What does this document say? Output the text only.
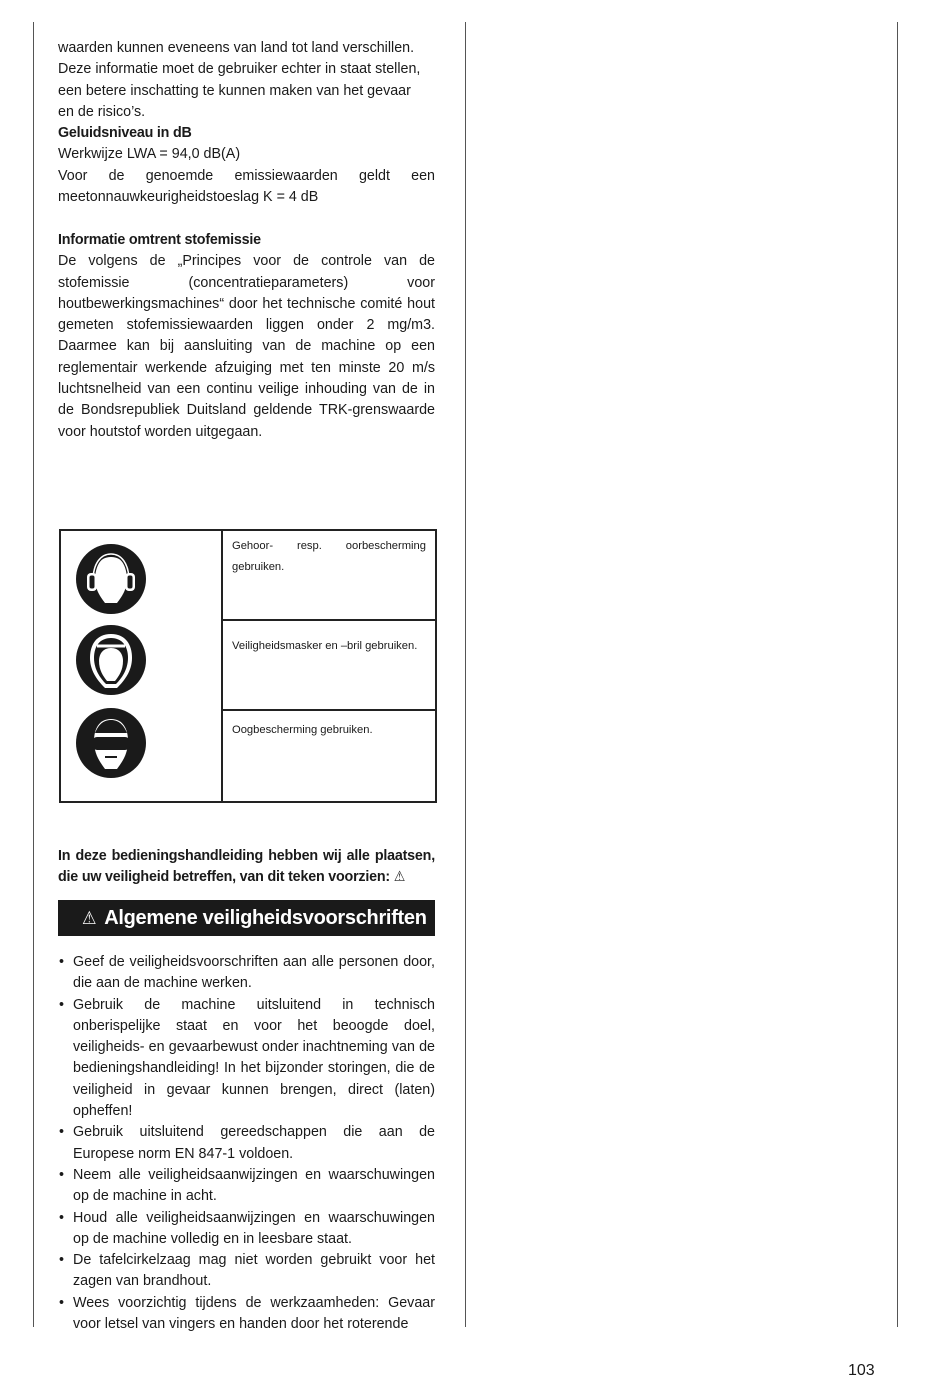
waarden kunnen eveneens van land tot land verschillen.
Deze informatie moet de gebruiker echter in staat stellen,
een betere inschatting te kunnen maken van het gevaar
en de risico’s.
Geluidsniveau in dB
Werkwijze LWA = 94,0 dB(A)

Voor de genoemde emissiewaarden geldt een meetonnauwkeurigheidstoeslag K = 4 dB

Informatie omtrent stofemissie

De volgens de „Principes voor de controle van de stofemissie (concentratieparameters) voor houtbewerkingsmachines“ door het technische comité hout gemeten stofemissiewaarden liggen onder 2 mg/m3. Daarmee kan bij aansluiting van de machine op een reglementair werkende afzuiging met ten minste 20 m/s luchtsnelheid van een continu veilige inhouding van de in de Bondsrepubliek Duitsland geldende TRK-grenswaarde voor houtstof worden uitgegaan.

Gehoor- resp. oorbescherming gebruiken.
Veiligheidsmasker en –bril gebruiken.
Oogbescherming gebruiken.
In deze bedieningshandleiding hebben wij alle plaatsen, die uw veiligheid betreffen, van dit teken voorzien: ⚠
⚠ Algemene veiligheidsvoorschriften
• Geef de veiligheidsvoorschriften aan alle personen door, die aan de machine werken.
• Gebruik de machine uitsluitend in technisch onberispelijke staat en voor het beoogde doel, veiligheids- en gevaarbewust onder inachtneming van de bedieningshandleiding! In het bijzonder storingen, die de veiligheid in gevaar kunnen brengen, direct (laten) opheffen!
• Gebruik uitsluitend gereedschappen die aan de Europese norm EN 847-1 voldoen.
• Neem alle veiligheidsaanwijzingen en waarschuwingen op de machine in acht.
• Houd alle veiligheidsaanwijzingen en waarschuwingen op de machine volledig en in leesbare staat.
• De tafelcirkelzaag mag niet worden gebruikt voor het zagen van brandhout.
• Wees voorzichtig tijdens de werkzaamheden: Gevaar voor letsel van vingers en handen door het roterende
103
